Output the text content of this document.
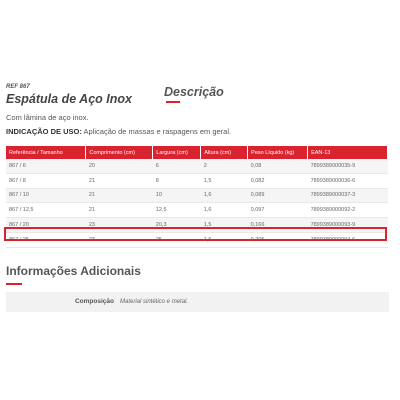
REF 867
Espátula de Aço Inox	Descrição
Com lâmina de aço inox.
INDICAÇÃO DE USO: Aplicação de massas e raspagens em geral.
Referência / Tamanho	Comprimento (cm)	Largura (cm)	Altura (cm)	Peso Líquido (kg)	EAN-13
867 / 6	20	6	2	0,08	7899389000035-9
867 / 8	21	8	1,5	0,082	7899389000036-6
867 / 10	21	10	1,6	0,089	7899389000037-3
867 / 12,5	21	12,5	1,6	0,097	7899389000092-2
867 / 20	23	20,3	1,5	0,166	7899389000093-9
867 / 25	23	25	1,6	0,205	7899389000094-6
Informações Adicionais
Composição Material sintético e metal.
